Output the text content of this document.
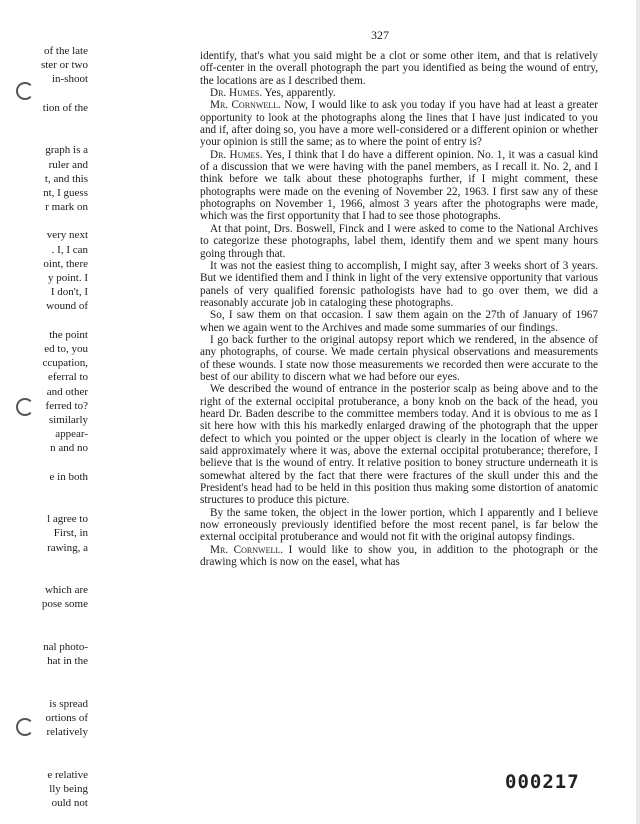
327
of the late
ster or two
in-shoot
tion of the
graph is a
ruler and
t, and this
nt, I guess
r mark on
very next
. I, I can
oint, there
y point. I
I don't, I
wound of
the point
ed to, you
ccupation,
eferral to
and other
ferred to?
similarly
appear-
n and no
e in both
l agree to
First, in
rawing, a
which are
pose some
nal photo-
hat in the
is spread
ortions of
relatively
e relative
lly being
ould not

identify, that's what you said might be a clot or some other item, and that is relatively off-center in the overall photograph the part you identified as being the wound of entry, the locations are as I described them.

Dr. Humes. Yes, apparently.

Mr. Cornwell. Now, I would like to ask you today if you have had at least a greater opportunity to look at the photographs along the lines that I have just indicated to you and if, after doing so, you have a more well-considered or a different opinion or whether your opinion is still the same; as to where the point of entry is?

Dr. Humes. Yes, I think that I do have a different opinion. No. 1, it was a casual kind of a discussion that we were having with the panel members, as I recall it. No. 2, and I think before we talk about these photographs further, if I might comment, these photographs were made on the evening of November 22, 1963. I first saw any of these photographs on November 1, 1966, almost 3 years after the photographs were made, which was the first opportunity that I had to see those photographs.

At that point, Drs. Boswell, Finck and I were asked to come to the National Archives to categorize these photographs, label them, identify them and we spent many hours going through that.

It was not the easiest thing to accomplish, I might say, after 3 weeks short of 3 years. But we identified them and I think in light of the very extensive opportunity that various panels of very qualified forensic pathologists have had to go over them, we did a reasonably accurate job in cataloging these photographs.

So, I saw them on that occasion. I saw them again on the 27th of January of 1967 when we again went to the Archives and made some summaries of our findings.

I go back further to the original autopsy report which we rendered, in the absence of any photographs, of course. We made certain physical observations and measurements of these wounds. I state now those measurements we recorded then were accurate to the best of our ability to discern what we had before our eyes.

We described the wound of entrance in the posterior scalp as being above and to the right of the external occipital protuberance, a bony knob on the back of the head, you heard Dr. Baden describe to the committee members today. And it is obvious to me as I sit here how with this his markedly enlarged drawing of the photograph that the upper defect to which you pointed or the upper object is clearly in the location of where we said approximately where it was, above the external occipital protuberance; therefore, I believe that is the wound of entry. It relative position to boney structure underneath it is somewhat altered by the fact that there were fractures of the skull under this and the President's head had to be held in this position thus making some distortion of anatomic structures to produce this picture.

By the same token, the object in the lower portion, which I apparently and I believe now erroneously previously identified before the most recent panel, is far below the external occipital protuberance and would not fit with the original autopsy findings.

Mr. Cornwell. I would like to show you, in addition to the photograph or the drawing which is now on the easel, what has

000217
